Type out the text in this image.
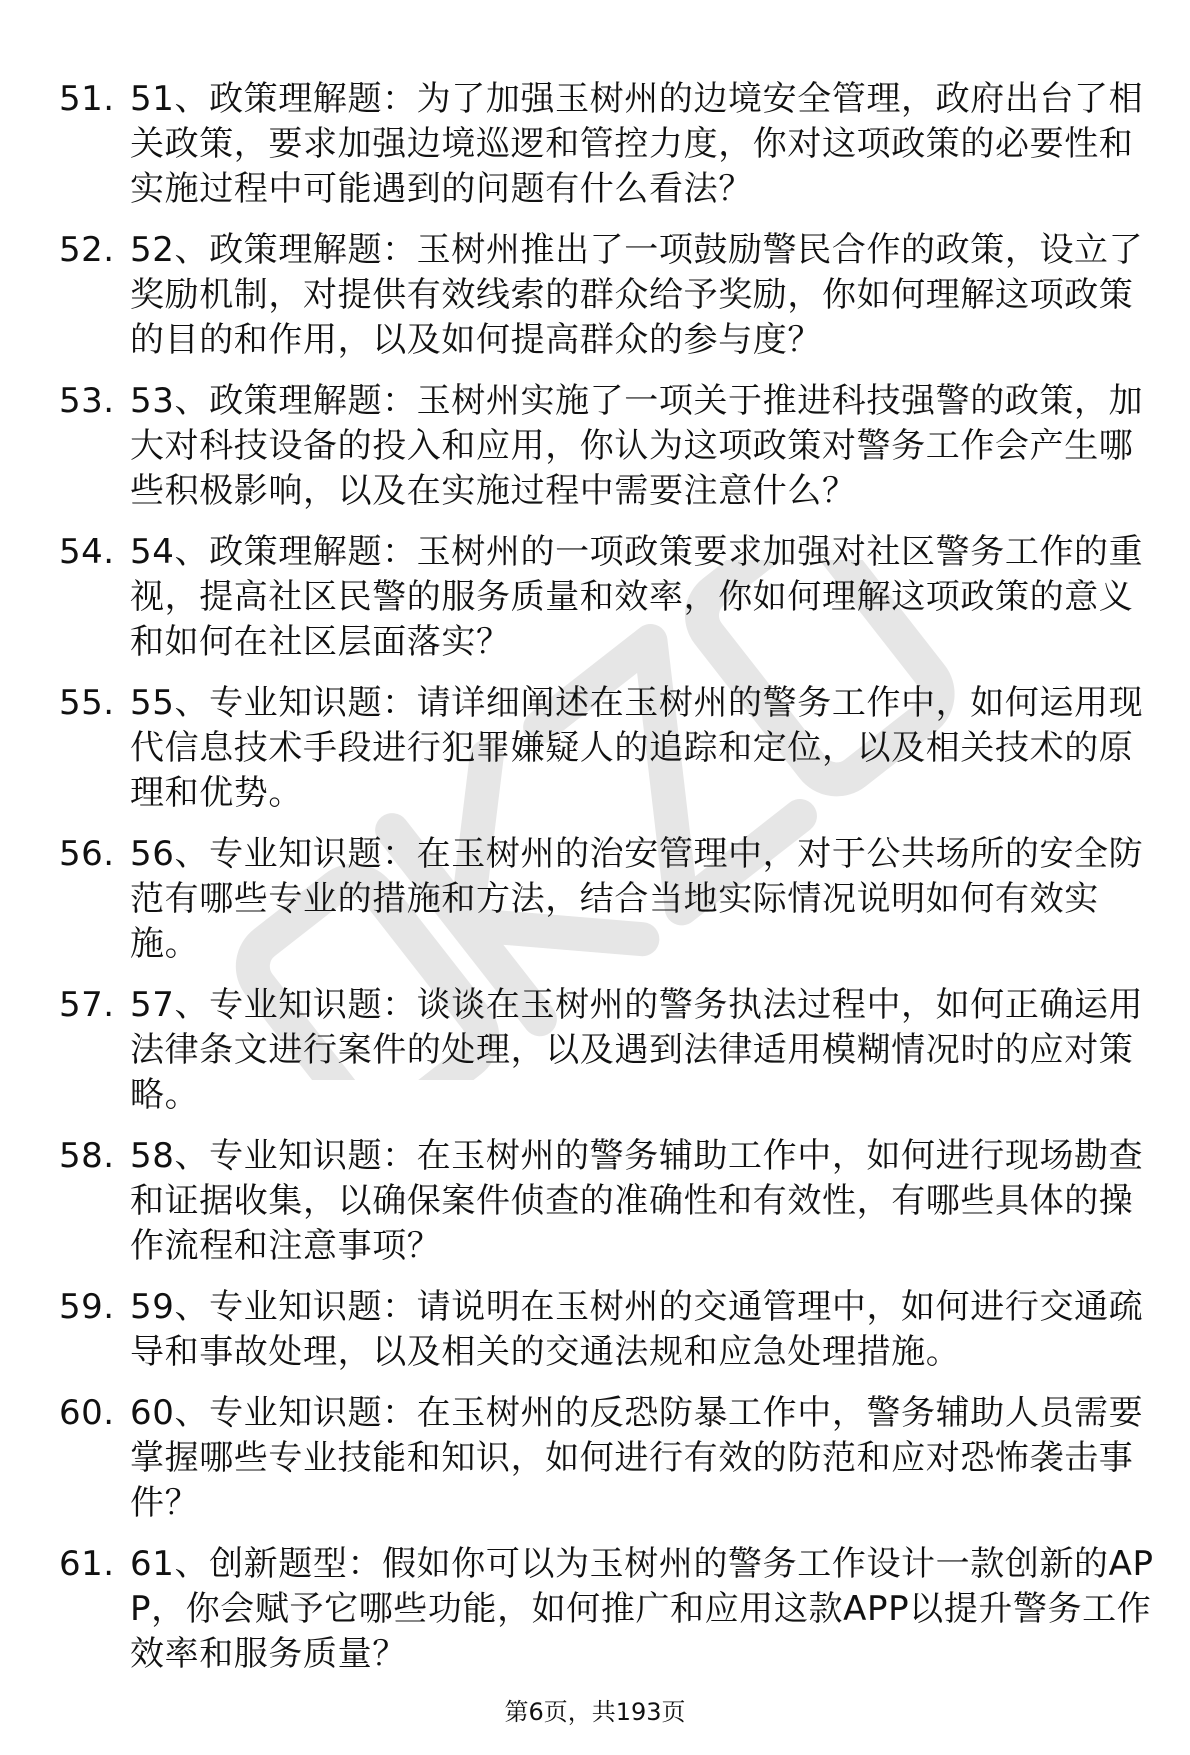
51. 51、政策理解题：为了加强玉树州的边境安全管理，政府出台了相关政策，要求加强边境巡逻和管控力度，你对这项政策的必要性和实施过程中可能遇到的问题有什么看法？
52. 52、政策理解题：玉树州推出了一项鼓励警民合作的政策，设立了奖励机制，对提供有效线索的群众给予奖励，你如何理解这项政策的目的和作用，以及如何提高群众的参与度？
53. 53、政策理解题：玉树州实施了一项关于推进科技强警的政策，加大对科技设备的投入和应用，你认为这项政策对警务工作会产生哪些积极影响，以及在实施过程中需要注意什么？
54. 54、政策理解题：玉树州的一项政策要求加强对社区警务工作的重视，提高社区民警的服务质量和效率，你如何理解这项政策的意义和如何在社区层面落实？
55. 55、专业知识题：请详细阐述在玉树州的警务工作中，如何运用现代信息技术手段进行犯罪嫌疑人的追踪和定位，以及相关技术的原理和优势。
56. 56、专业知识题：在玉树州的治安管理中，对于公共场所的安全防范有哪些专业的措施和方法，结合当地实际情况说明如何有效实施。
57. 57、专业知识题：谈谈在玉树州的警务执法过程中，如何正确运用法律条文进行案件的处理，以及遇到法律适用模糊情况时的应对策略。
58. 58、专业知识题：在玉树州的警务辅助工作中，如何进行现场勘查和证据收集，以确保案件侦查的准确性和有效性，有哪些具体的操作流程和注意事项？
59. 59、专业知识题：请说明在玉树州的交通管理中，如何进行交通疏导和事故处理，以及相关的交通法规和应急处理措施。
60. 60、专业知识题：在玉树州的反恐防暴工作中，警务辅助人员需要掌握哪些专业技能和知识，如何进行有效的防范和应对恐怖袭击事件？
61. 61、创新题型：假如你可以为玉树州的警务工作设计一款创新的APP，你会赋予它哪些功能，如何推广和应用这款APP以提升警务工作效率和服务质量？
第6页，共193页
